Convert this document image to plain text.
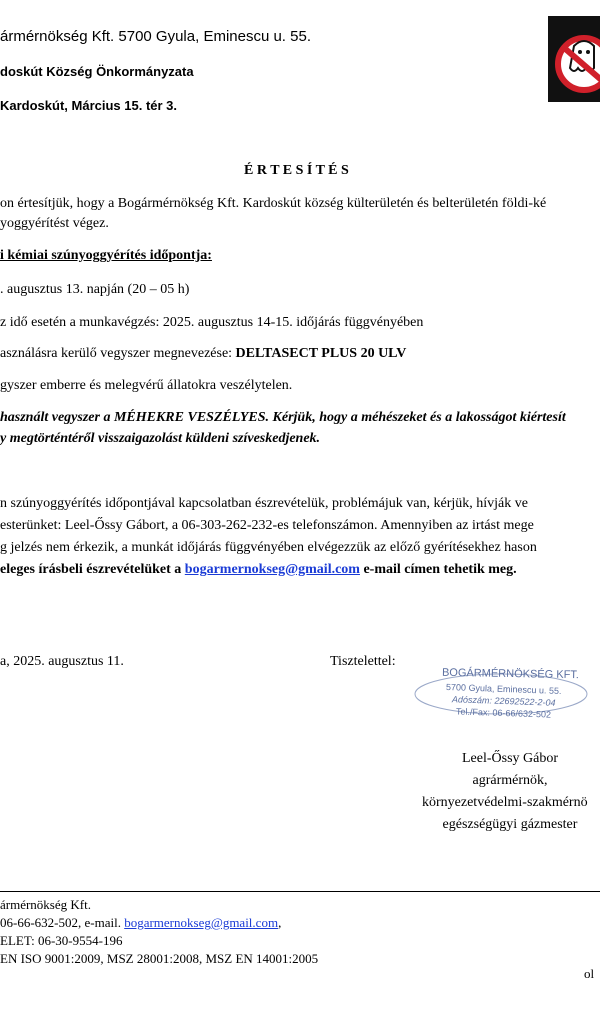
ármérnökség Kft. 5700 Gyula, Eminescu u. 55.
doskút Község Önkormányzata
Kardoskút, Március 15. tér 3.
É R T E S Í T É S
on értesítjük, hogy a Bogármérnökség Kft. Kardoskút község külterületén és belterületén földi-ké
yoggyérítést végez.
i kémiai szúnyoggyérítés időpontja:
. augusztus 13. napján (20 – 05 h)
z idő esetén a munkavégzés: 2025. augusztus 14-15. időjárás függvényében
asználásra kerülő vegyszer megnevezése: DELTASECT PLUS 20 ULV
gyszer emberre és melegvérű állatokra veszélytelen.
használt vegyszer a MÉHEKRE VESZÉLYES. Kérjük, hogy a méhészeket és a lakosságot kiértesít
y megtörténtéről visszaigazolást küldeni szíveskedjenek.
n szúnyoggyérítés időpontjával kapcsolatban észrevételük, problémájuk van, kérjük, hívják ve
esterünket: Leel-Őssy Gábort, a 06-303-262-232-es telefonszámon. Amennyiben az irtást mege
g jelzés nem érkezik, a munkát időjárás függvényében elvégezzük az előző gyérítésekhez hason
eleges írásbeli észrevételüket a bogarmernokseg@gmail.com e-mail címen tehetik meg.
a, 2025. augusztus 11.	Tisztelettel:
BOGÁRMÉRNÖKSÉG KFT.
5700 Gyula, Eminescu u. 55.
Adószám: 22692522-2-04
Tel./Fax: 06-66/632-502
Leel-Őssy Gábor
agrármérnök,
környezetvédelmi-szakmérnö
egészségügyi gázmester
ármérnökség Kft.
06-66-632-502, e-mail. bogarmernokseg@gmail.com,
ELET: 06-30-9554-196
EN ISO 9001:2009, MSZ 28001:2008, MSZ EN 14001:2005
ol
